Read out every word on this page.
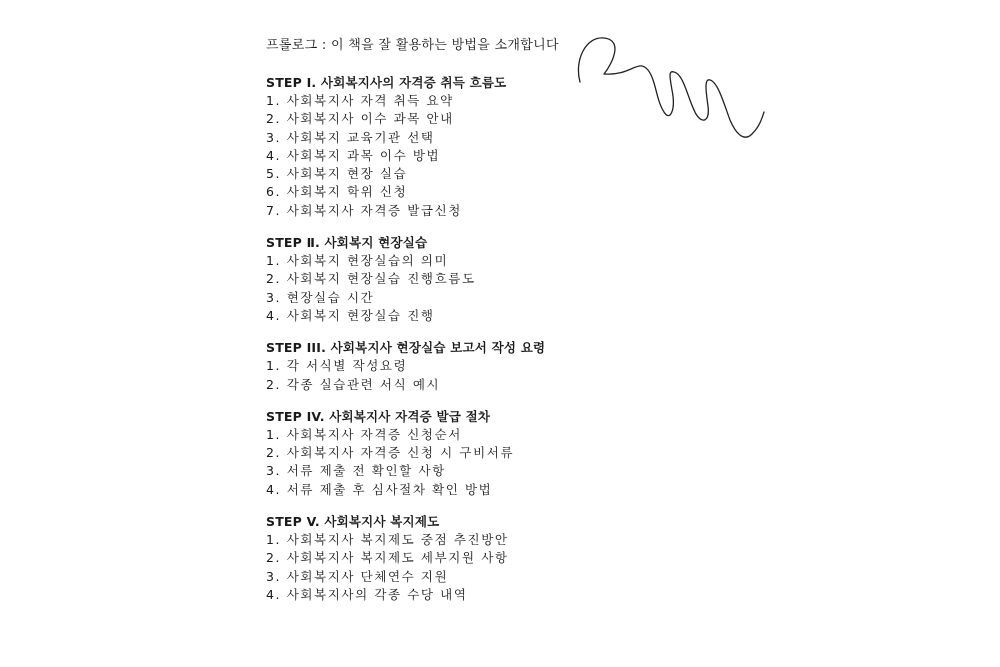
프롤로그 : 이 책을 잘 활용하는 방법을 소개합니다

STEP Ⅰ. 사회복지사의 자격증 취득 흐름도

1. 사회복지사 자격 취득 요약

2. 사회복지사 이수 과목 안내

3. 사회복지 교육기관 선택

4. 사회복지 과목 이수 방법

5. 사회복지 현장 실습

6. 사회복지 학위 신청

7. 사회복지사 자격증 발급신청

STEP Ⅱ. 사회복지 현장실습

1. 사회복지 현장실습의 의미

2. 사회복지 현장실습 진행흐름도

3. 현장실습 시간

4. 사회복지 현장실습 진행

STEP III. 사회복지사 현장실습 보고서 작성 요령

1. 각 서식별 작성요령

2. 각종 실습관련 서식 예시

STEP IV. 사회복지사 자격증 발급 절차

1. 사회복지사 자격증 신청순서

2. 사회복지사 자격증 신청 시 구비서류

3. 서류 제출 전 확인할 사항

4. 서류 제출 후 심사절차 확인 방법

STEP V. 사회복지사 복지제도

1. 사회복지사 복지제도 중점 추진방안

2. 사회복지사 복지제도 세부지원 사항

3. 사회복지사 단체연수 지원

4. 사회복지사의 각종 수당 내역
